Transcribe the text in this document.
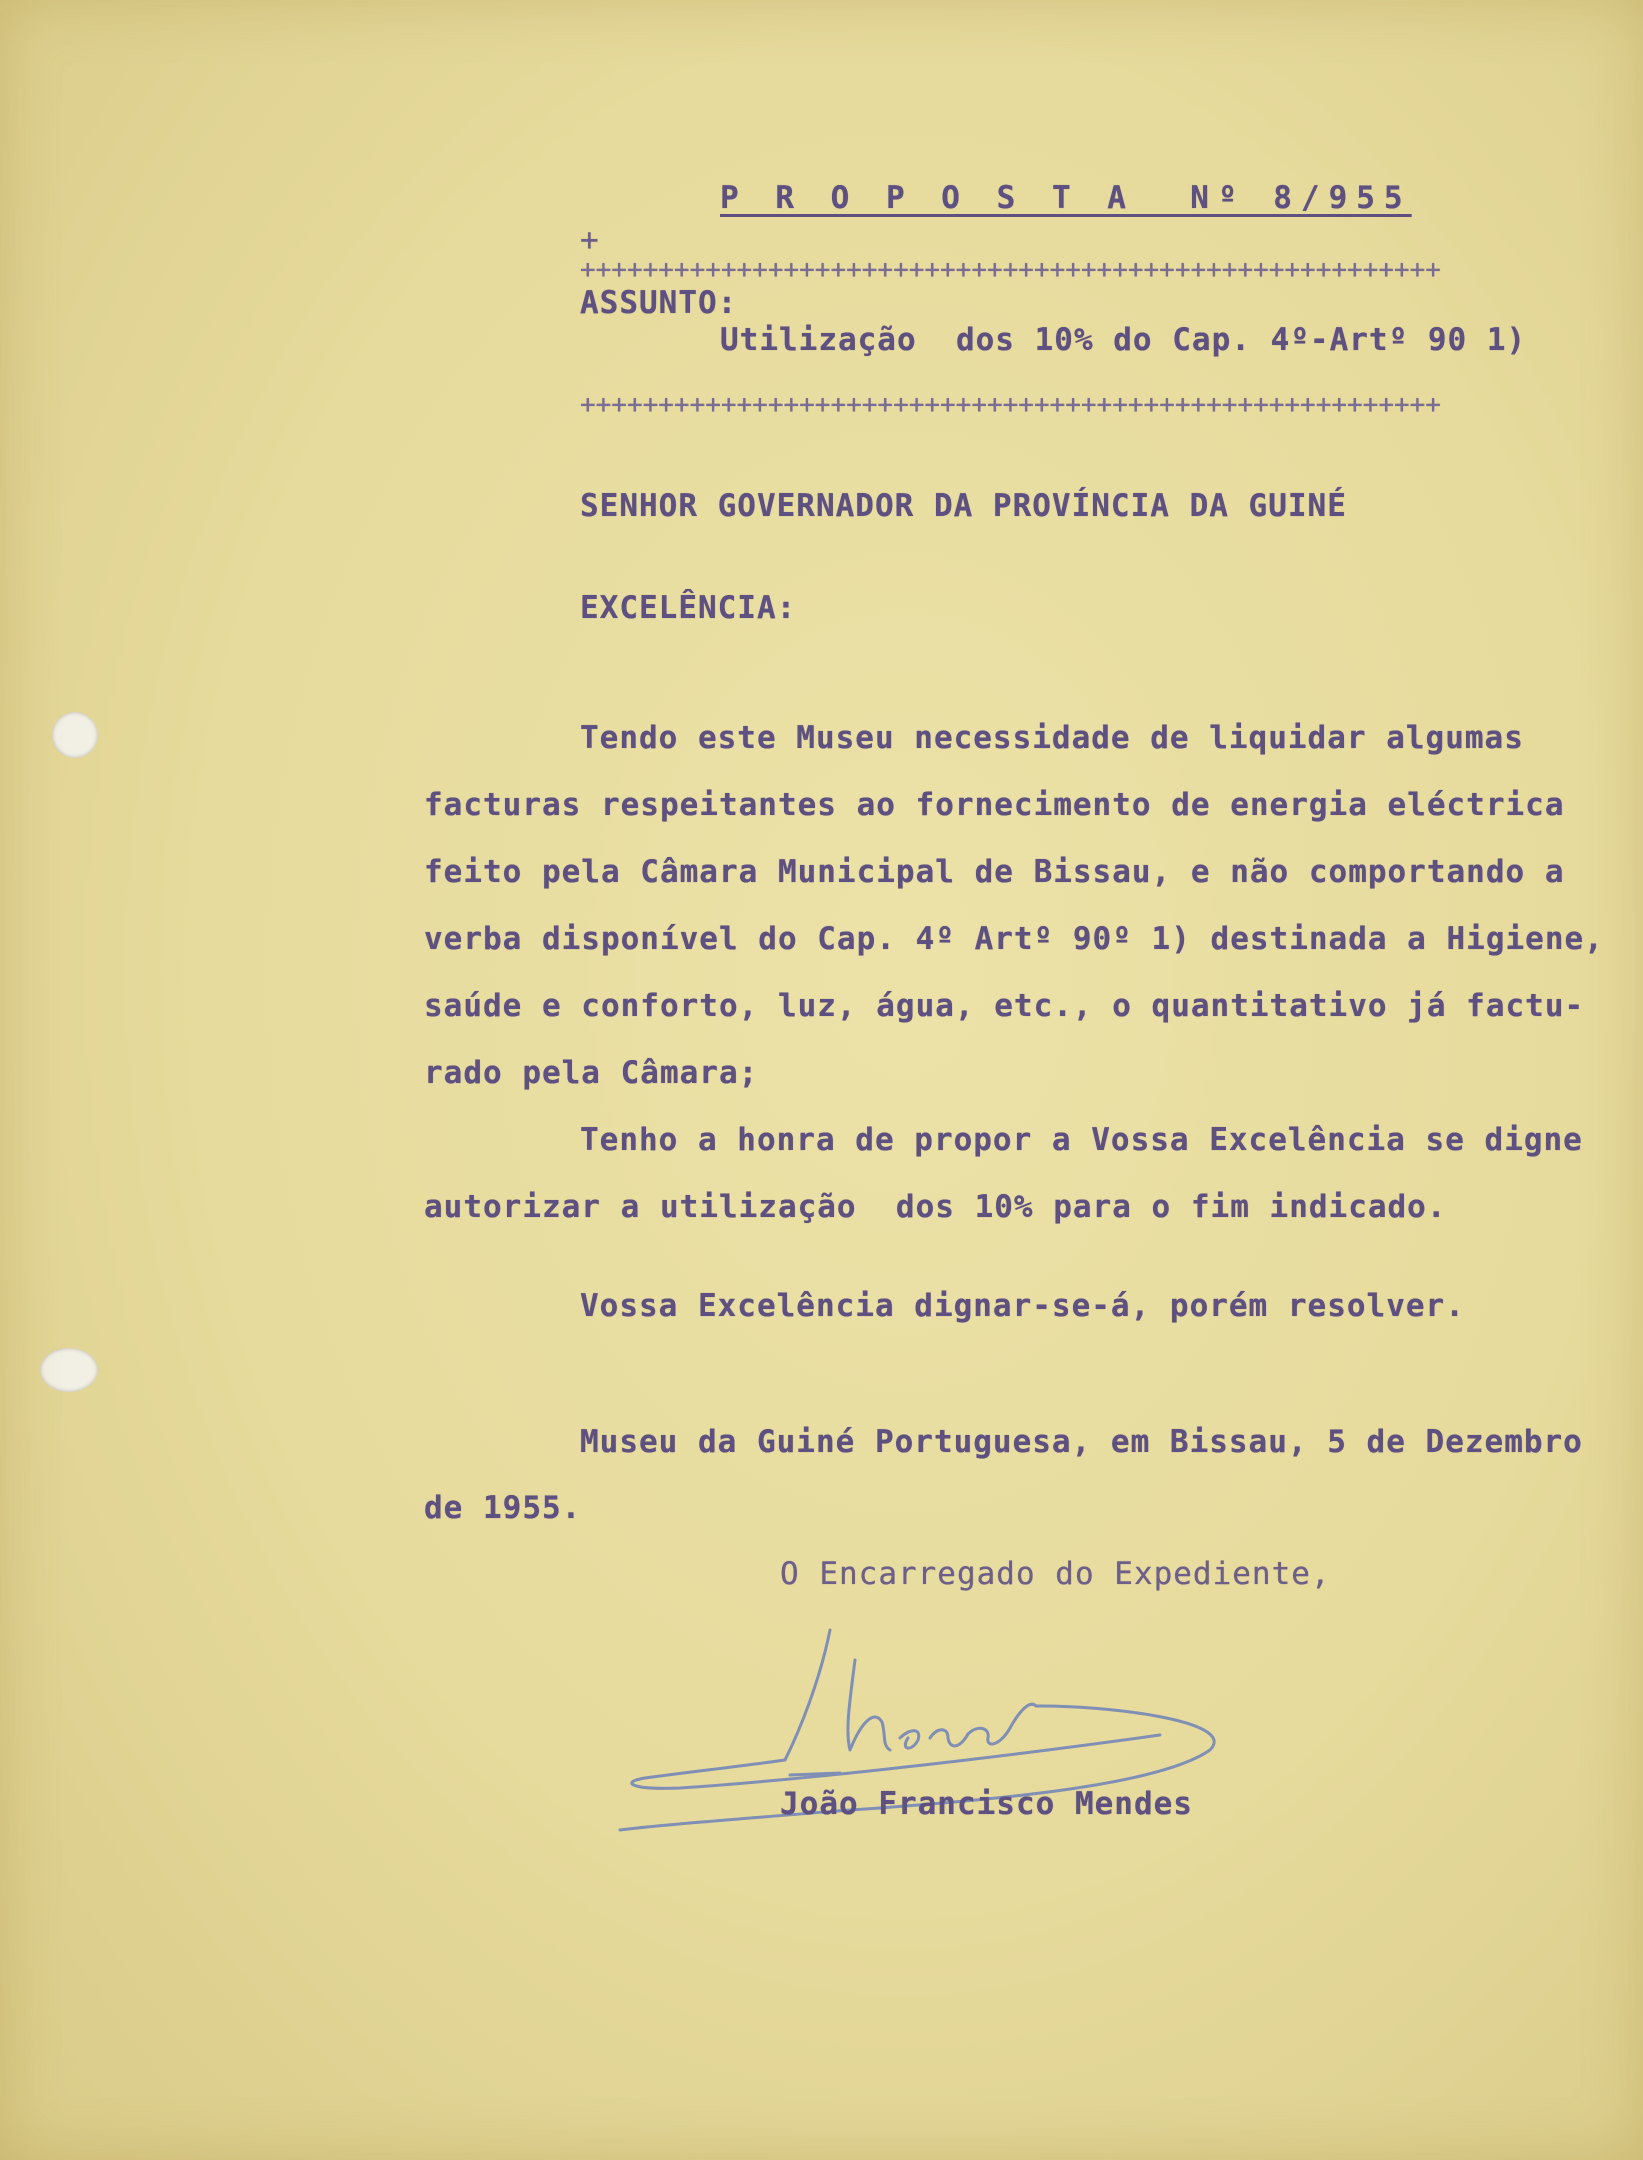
P R O P O S T A  Nº 8/955

+

+++++++++++++++++++++++++++++++++++++++++++++++++++++++

ASSUNTO:

Utilização  dos 10% do Cap. 4º-Artº 90 1)

+++++++++++++++++++++++++++++++++++++++++++++++++++++++

SENHOR GOVERNADOR DA PROVÍNCIA DA GUINÉ

EXCELÊNCIA:

Tendo este Museu necessidade de liquidar algumas

facturas respeitantes ao fornecimento de energia eléctrica

feito pela Câmara Municipal de Bissau, e não comportando a

verba disponível do Cap. 4º Artº 90º 1) destinada a Higiene,

saúde e conforto, luz, água, etc., o quantitativo já factu-

rado pela Câmara;

Tenho a honra de propor a Vossa Excelência se digne

autorizar a utilização  dos 10% para o fim indicado.

Vossa Excelência dignar-se-á, porém resolver.

Museu da Guiné Portuguesa, em Bissau, 5 de Dezembro

de 1955.

O Encarregado do Expediente,

João Francisco Mendes
